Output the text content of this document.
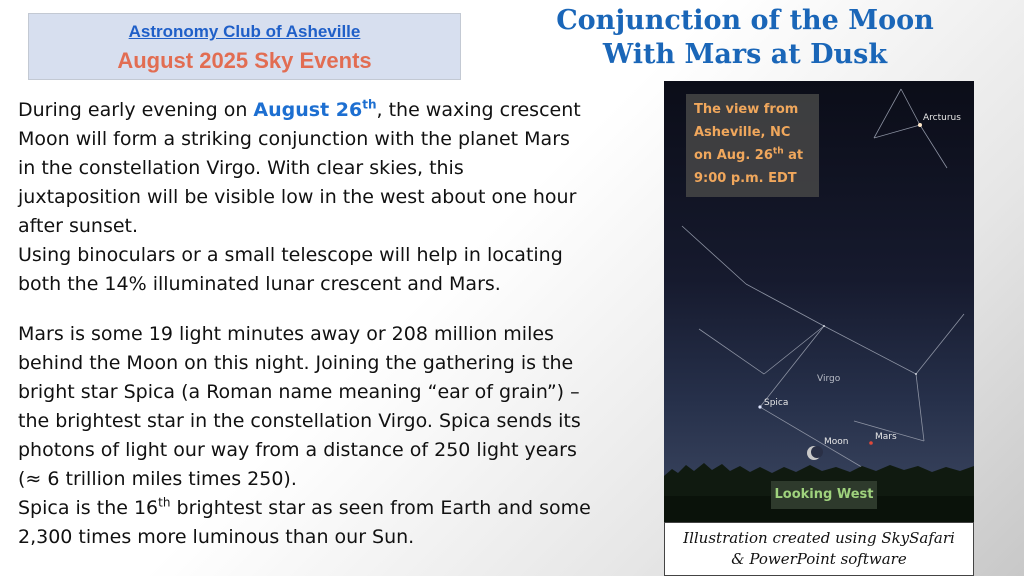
Astronomy Club of Asheville
August 2025 Sky Events
Conjunction of the Moon
With Mars at Dusk

During early evening on August 26th, the waxing crescent

Moon will form a striking conjunction with the planet Mars

in the constellation Virgo. With clear skies, this

juxtaposition will be visible low in the west about one hour

after sunset.

Using binoculars or a small telescope will help in locating

both the 14% illuminated lunar crescent and Mars.

Mars is some 19 light minutes away or 208 million miles

behind the Moon on this night. Joining the gathering is the

bright star Spica (a Roman name meaning “ear of grain”) –

the brightest star in the constellation Virgo. Spica sends its

photons of light our way from a distance of 250 light years

(≈ 6 trillion miles times 250).

Spica is the 16th brightest star as seen from Earth and some

2,300 times more luminous than our Sun.

Arcturus
Virgo
Spica
Moon	Mars
The view from
Asheville, NC
on Aug. 26th at
9:00 p.m. EDT
Looking West
Illustration created using SkySafari
& PowerPoint software
